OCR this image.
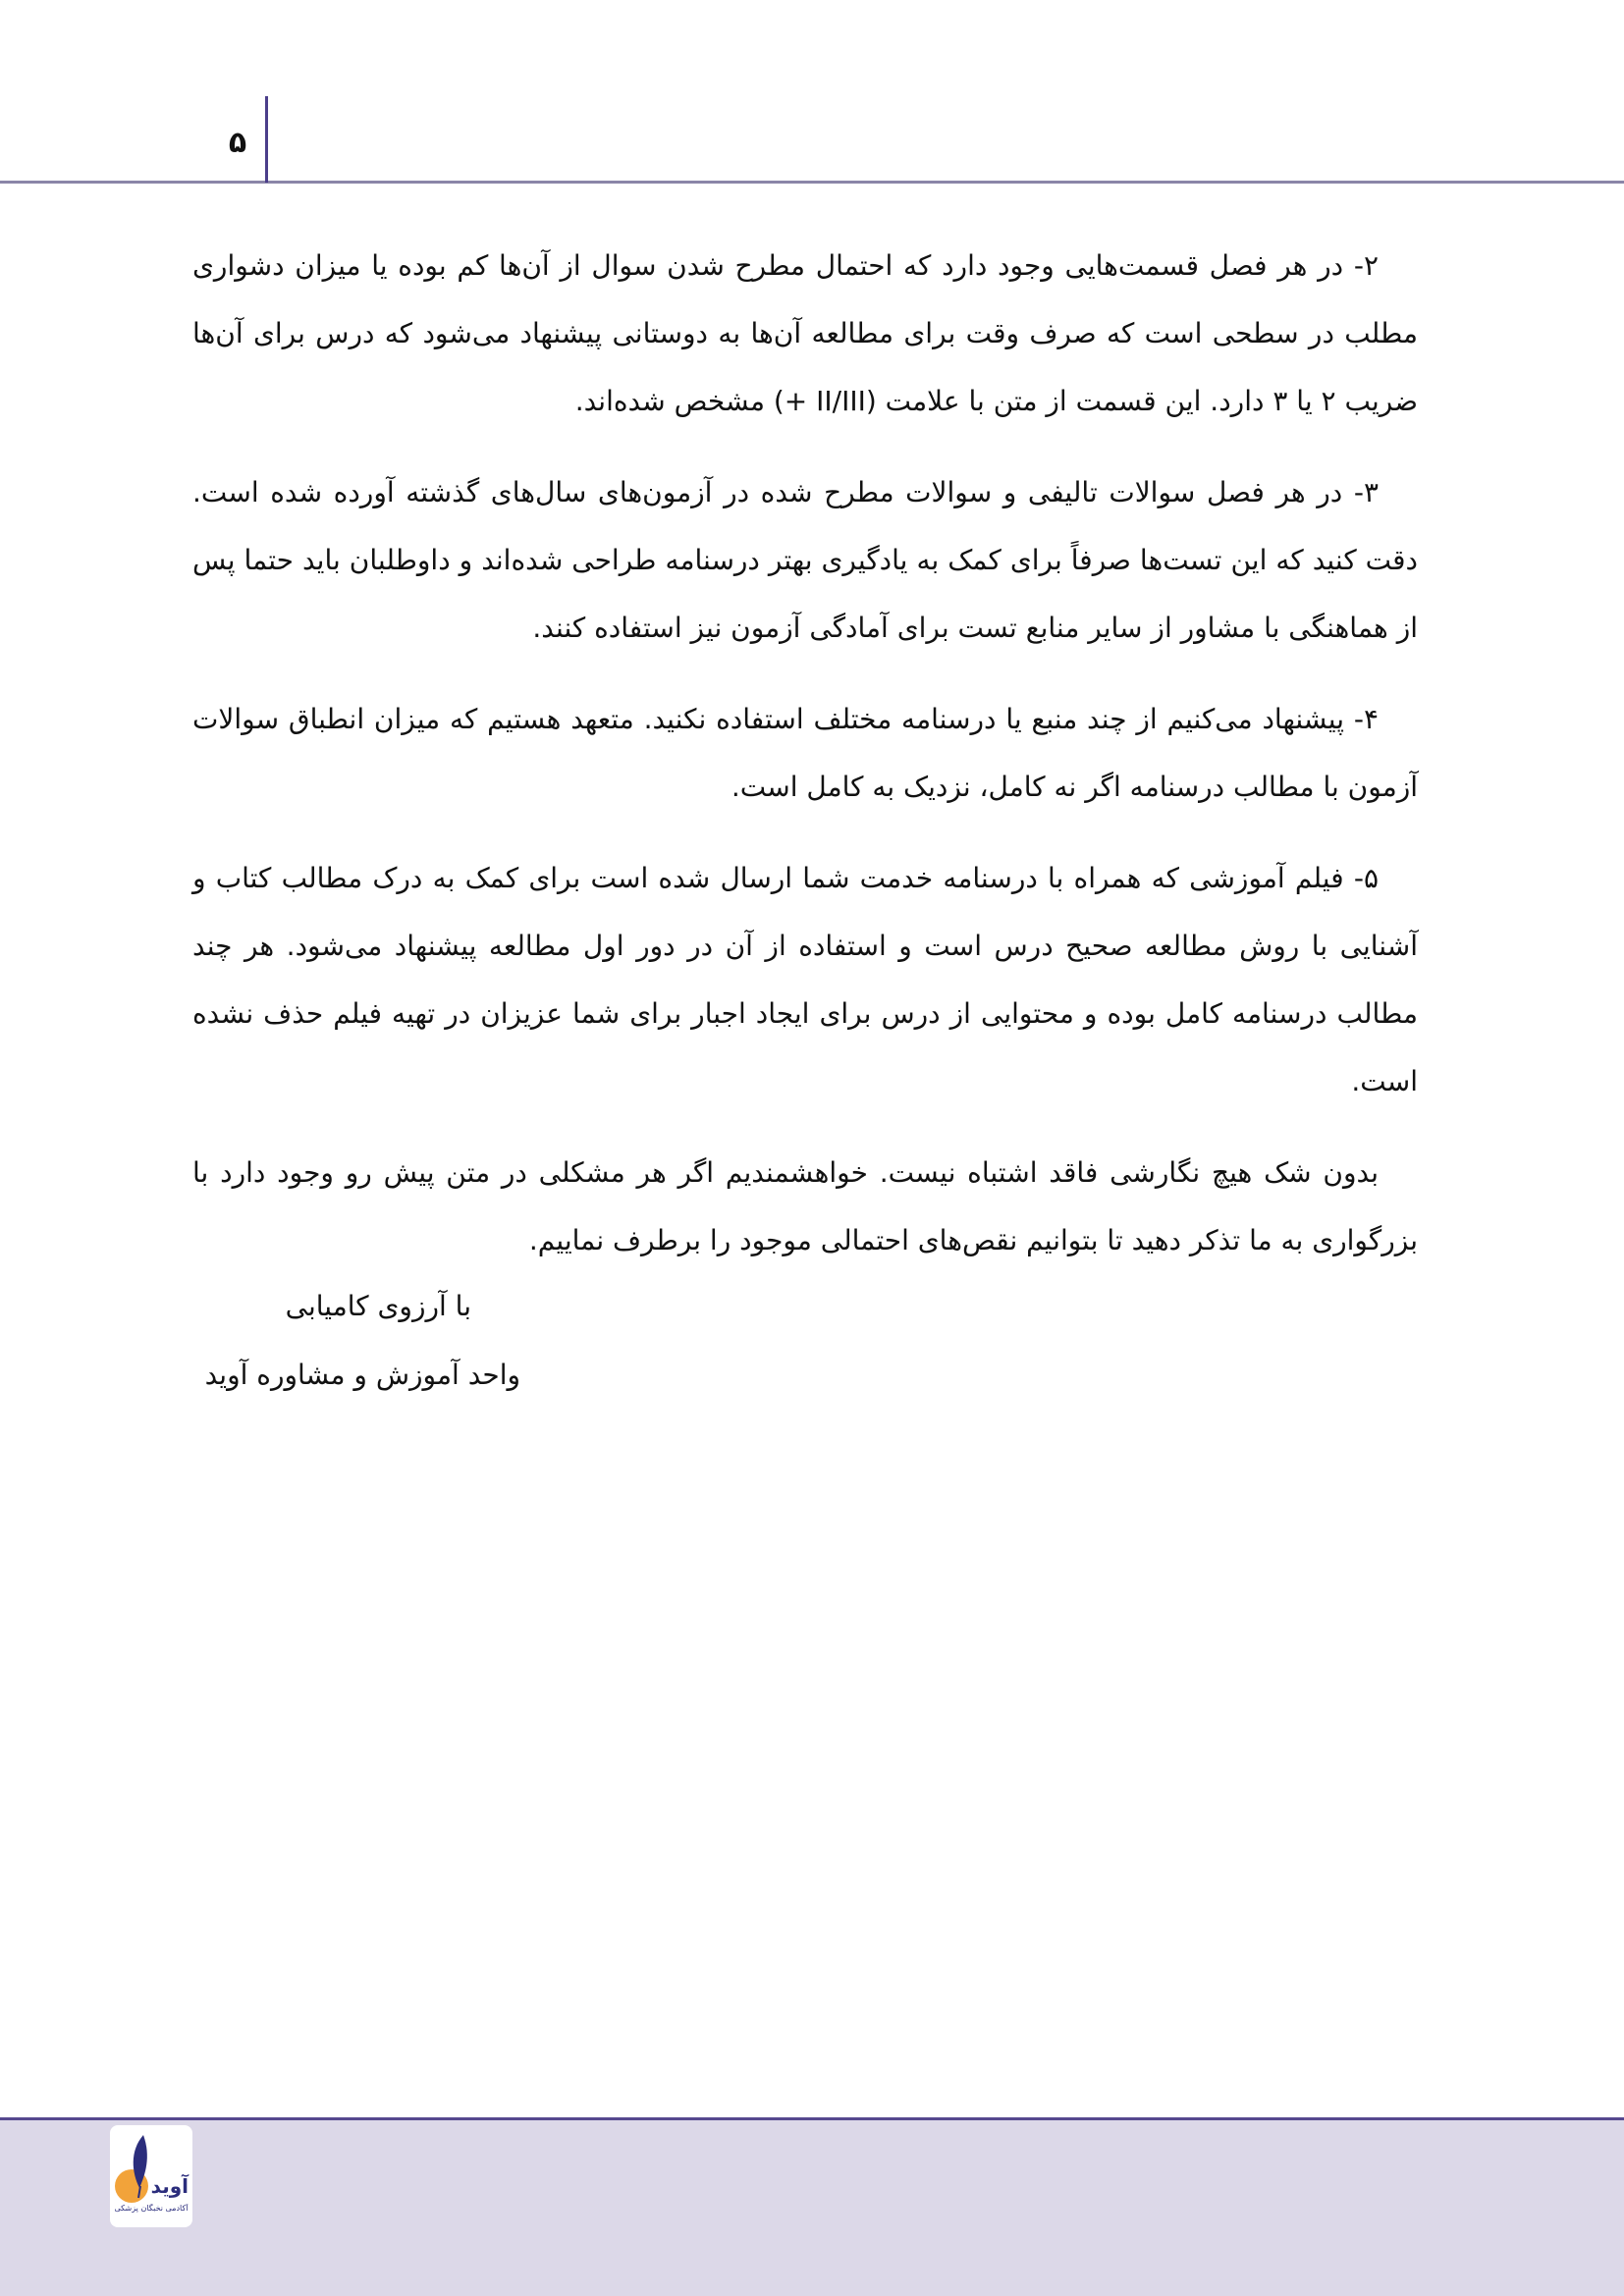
۵

۲- در هر فصل قسمت‌هایی وجود دارد که احتمال مطرح شدن سوال از آن‌ها کم بوده یا میزان دشواری مطلب در سطحی است که صرف وقت برای مطالعه آن‌ها به دوستانی پیشنهاد می‌شود که درس برای آن‌ها ضریب ۲ یا ۳ دارد. این قسمت از متن با علامت (II/III +) مشخص شده‌اند.

۳- در هر فصل سوالات تالیفی و سوالات مطرح شده در آزمون‌های سال‌های گذشته آورده شده است. دقت کنید که این تست‌ها صرفاً برای کمک به یادگیری بهتر درسنامه طراحی شده‌اند و داوطلبان باید حتما پس از هماهنگی با مشاور از سایر منابع تست برای آمادگی آزمون نیز استفاده کنند.

۴- پیشنهاد می‌کنیم از چند منبع یا درسنامه مختلف استفاده نکنید. متعهد هستیم که میزان انطباق سوالات آزمون با مطالب درسنامه اگر نه کامل، نزدیک به کامل است.

۵- فیلم آموزشی که همراه با درسنامه خدمت شما ارسال شده است برای کمک به درک مطالب کتاب و آشنایی با روش مطالعه صحیح درس است و استفاده از آن در دور اول مطالعه پیشنهاد می‌شود. هر چند مطالب درسنامه کامل بوده و محتوایی از درس برای ایجاد اجبار برای شما عزیزان در تهیه فیلم حذف نشده است.

بدون شک هیچ نگارشی فاقد اشتباه نیست. خواهشمندیم اگر هر مشکلی در متن پیش رو وجود دارد با بزرگواری به ما تذکر دهید تا بتوانیم نقص‌های احتمالی موجود را برطرف نماییم.

با آرزوی کامیابی
واحد آموزش و مشاوره آوید
آوید
آکادمی نخبگان پزشکی
